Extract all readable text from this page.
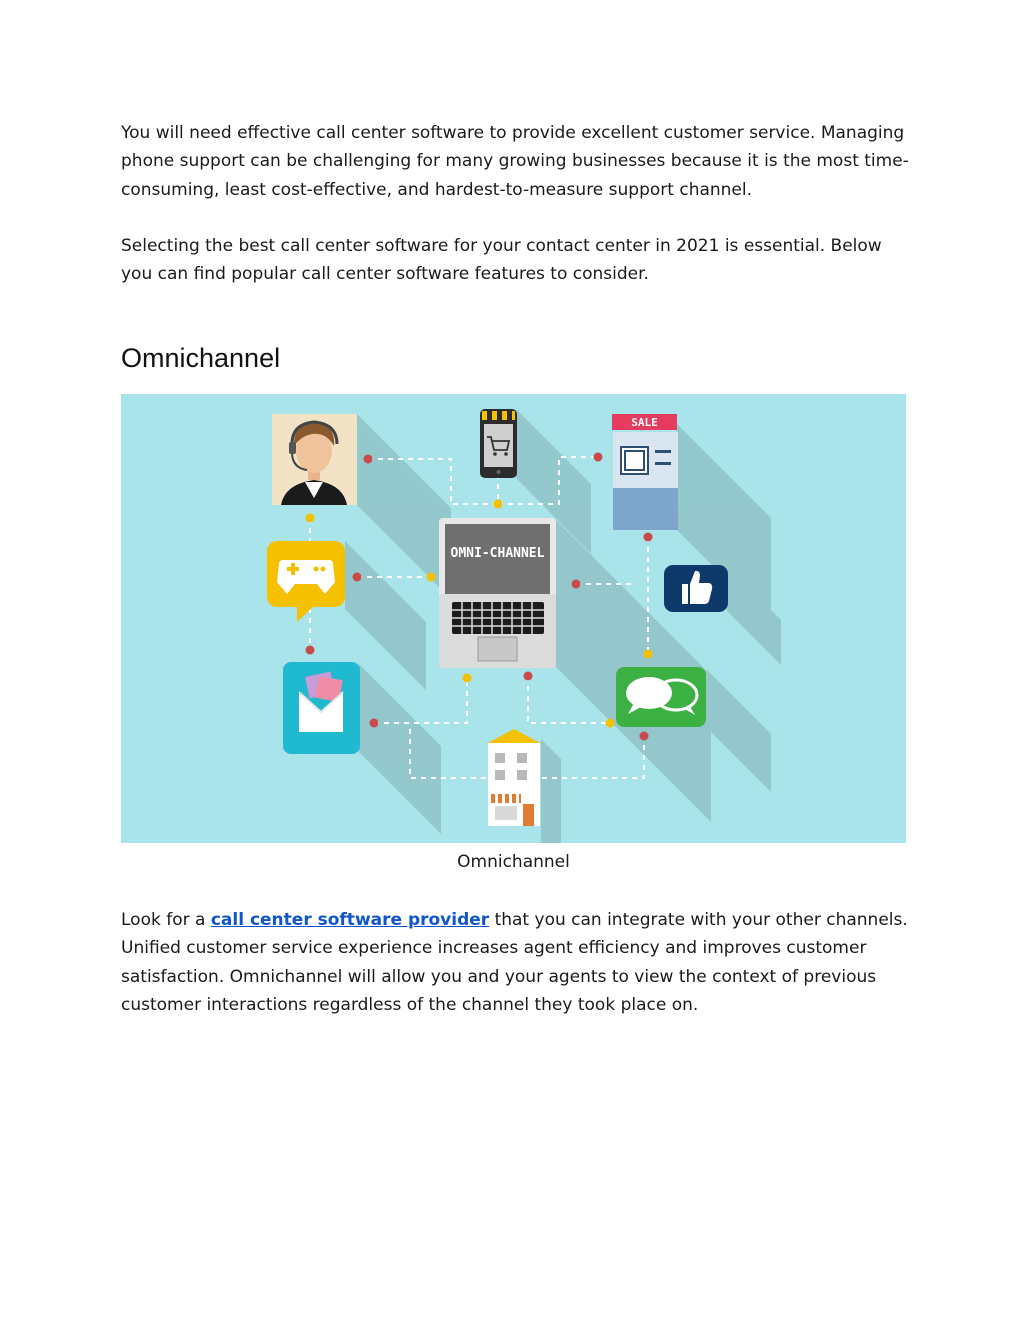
You will need effective call center software to provide excellent customer service. Managing phone support can be challenging for many growing businesses because it is the most time-consuming, least cost-effective, and hardest-to-measure support channel.

Selecting the best call center software for your contact center in 2021 is essential. Below you can find popular call center software features to consider.

Omnichannel
SALE
OMNI-CHANNEL

Omnichannel

Look for a call center software provider that you can integrate with your other channels. Unified customer service experience increases agent efficiency and improves customer satisfaction. Omnichannel will allow you and your agents to view the context of previous customer interactions regardless of the channel they took place on.
